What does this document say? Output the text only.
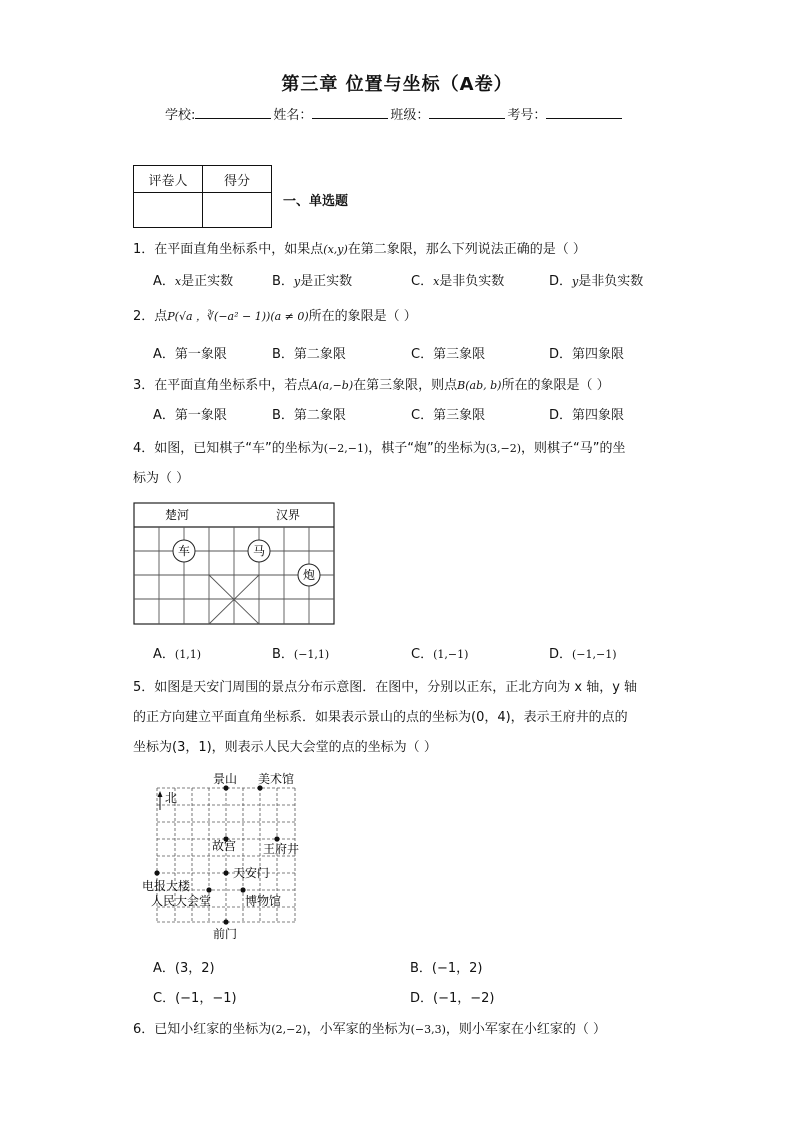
第三章 位置与坐标（A卷）
学校:	姓名：	班级：	考号：
评卷人	得分

一、单选题
1．在平面直角坐标系中，如果点(x,y)在第二象限，那么下列说法正确的是（ ）
A．x是正实数	B．y是正实数	C．x是非负实数	D．y是非负实数
2．点P(√a ，∛(−a² − 1))(a ≠ 0)所在的象限是（ ）
A．第一象限	B．第二象限	C．第三象限	D．第四象限
3．在平面直角坐标系中，若点A(a,−b)在第三象限，则点B(ab, b)所在的象限是（ ）
A．第一象限	B．第二象限	C．第三象限	D．第四象限
4．如图，已知棋子“车”的坐标为(−2,−1)，棋子“炮”的坐标为(3,−2)，则棋子“马”的坐
标为（ ）
楚河	汉界
车	马
炮
A．(1,1)	B．(−1,1)	C．(1,−1)	D．(−1,−1)
5．如图是天安门周围的景点分布示意图．在图中，分别以正东，正北方向为 x 轴，y 轴
的正方向建立平面直角坐标系．如果表示景山的点的坐标为(0，4)，表示王府井的点的
坐标为(3，1)，则表示人民大会堂的点的坐标为（ ）
北
景山 美术馆
故宫 王府井
天安门
电报大楼
人民大会堂	博物馆
前门
A．(3，2)	B．(−1，2)
C．(−1，−1)	D．(−1，−2)
6．已知小红家的坐标为(2,−2)，小军家的坐标为(−3,3)，则小军家在小红家的（ ）
